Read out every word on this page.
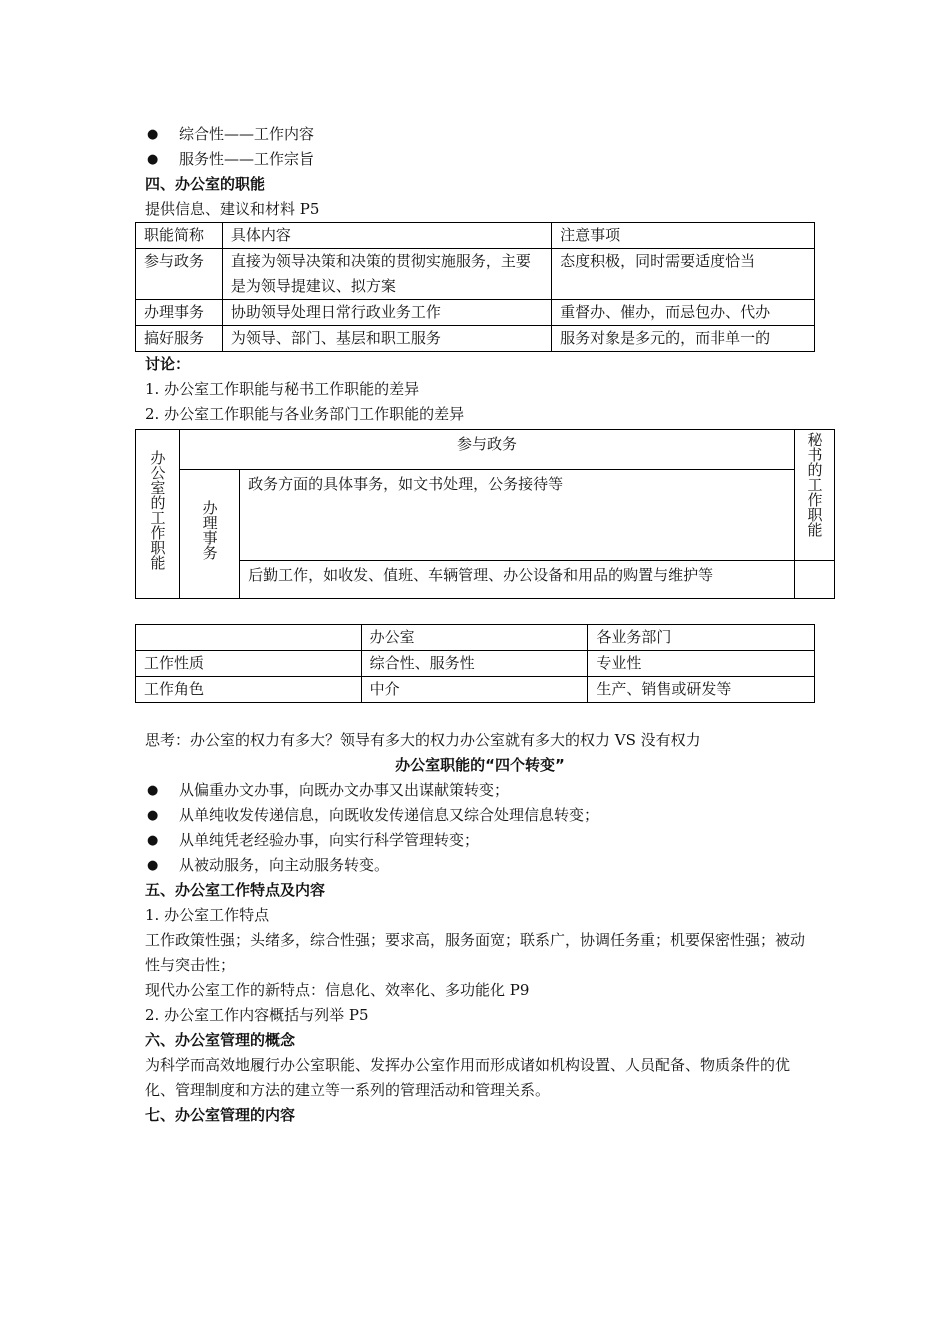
● 综合性——工作内容
● 服务性——工作宗旨
四、办公室的职能
提供信息、建议和材料 P5
职能简称	具体内容	注意事项
参与政务	直接为领导决策和决策的贯彻实施服务，主要是为领导提建议、拟方案	态度积极，同时需要适度恰当
办理事务	协助领导处理日常行政业务工作	重督办、催办，而忌包办、代办
搞好服务	为领导、部门、基层和职工服务	服务对象是多元的，而非单一的
讨论：
1. 办公室工作职能与秘书工作职能的差异
2. 办公室工作职能与各业务部门工作职能的差异
办公室的工作职能	参与政务		秘书的工作职能
	办理事务	政务方面的具体事务，如文书处理，公务接待等	
		后勤工作，如收发、值班、车辆管理、办公设备和用品的购置与维护等	
	办公室	各业务部门
工作性质	综合性、服务性	专业性
工作角色	中介	生产、销售或研发等
思考：办公室的权力有多大？领导有多大的权力办公室就有多大的权力 VS 没有权力
办公室职能的“四个转变”
● 从偏重办文办事，向既办文办事又出谋献策转变；
● 从单纯收发传递信息，向既收发传递信息又综合处理信息转变；
● 从单纯凭老经验办事，向实行科学管理转变；
● 从被动服务，向主动服务转变。
五、办公室工作特点及内容
1. 办公室工作特点
工作政策性强；头绪多，综合性强；要求高，服务面宽；联系广，协调任务重；机要保密性强；被动性与突击性；
现代办公室工作的新特点：信息化、效率化、多功能化 P9
2. 办公室工作内容概括与列举 P5
六、办公室管理的概念
为科学而高效地履行办公室职能、发挥办公室作用而形成诸如机构设置、人员配备、物质条件的优化、管理制度和方法的建立等一系列的管理活动和管理关系。
七、办公室管理的内容
